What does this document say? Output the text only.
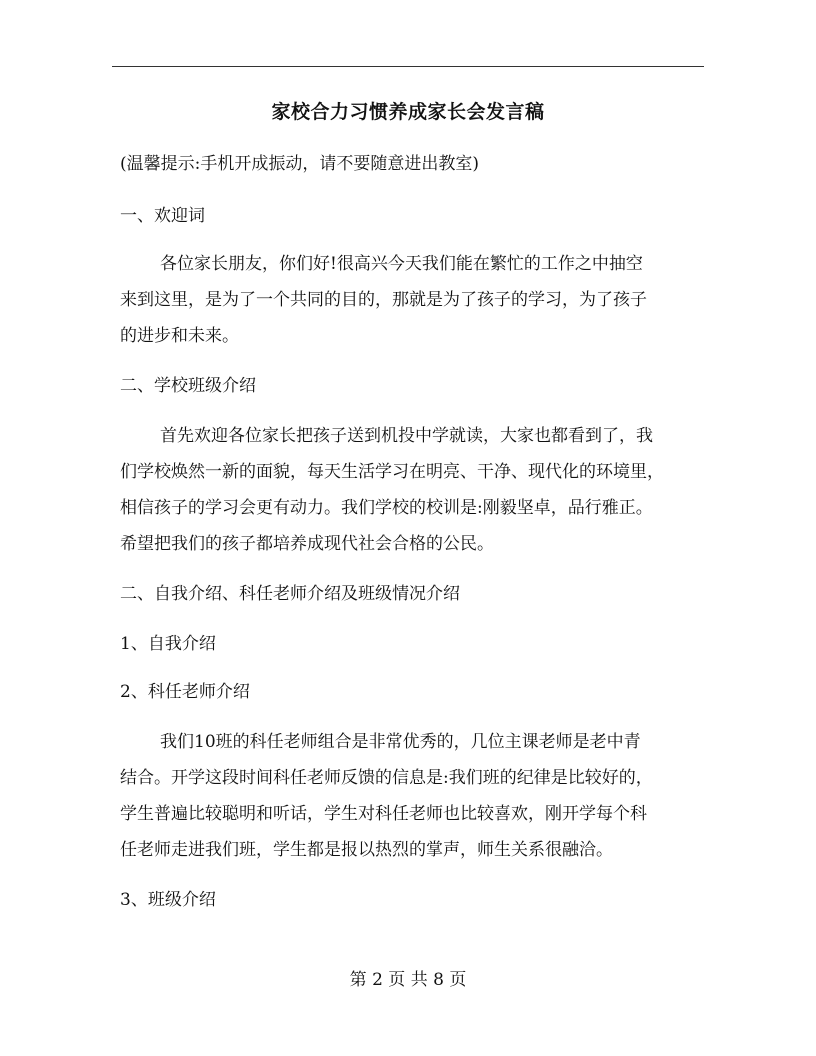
家校合力习惯养成家长会发言稿
(温馨提示:手机开成振动，请不要随意进出教室)
一、欢迎词
各位家长朋友，你们好!很高兴今天我们能在繁忙的工作之中抽空
来到这里，是为了一个共同的目的，那就是为了孩子的学习，为了孩子
的进步和未来。
二、学校班级介绍
首先欢迎各位家长把孩子送到机投中学就读，大家也都看到了，我
们学校焕然一新的面貌，每天生活学习在明亮、干净、现代化的环境里，
相信孩子的学习会更有动力。我们学校的校训是:刚毅坚卓，品行雅正。
希望把我们的孩子都培养成现代社会合格的公民。
二、自我介绍、科任老师介绍及班级情况介绍
1、自我介绍
2、科任老师介绍
我们10班的科任老师组合是非常优秀的，几位主课老师是老中青
结合。开学这段时间科任老师反馈的信息是:我们班的纪律是比较好的，
学生普遍比较聪明和听话，学生对科任老师也比较喜欢，刚开学每个科
任老师走进我们班，学生都是报以热烈的掌声，师生关系很融洽。
3、班级介绍
第 2 页 共 8 页
